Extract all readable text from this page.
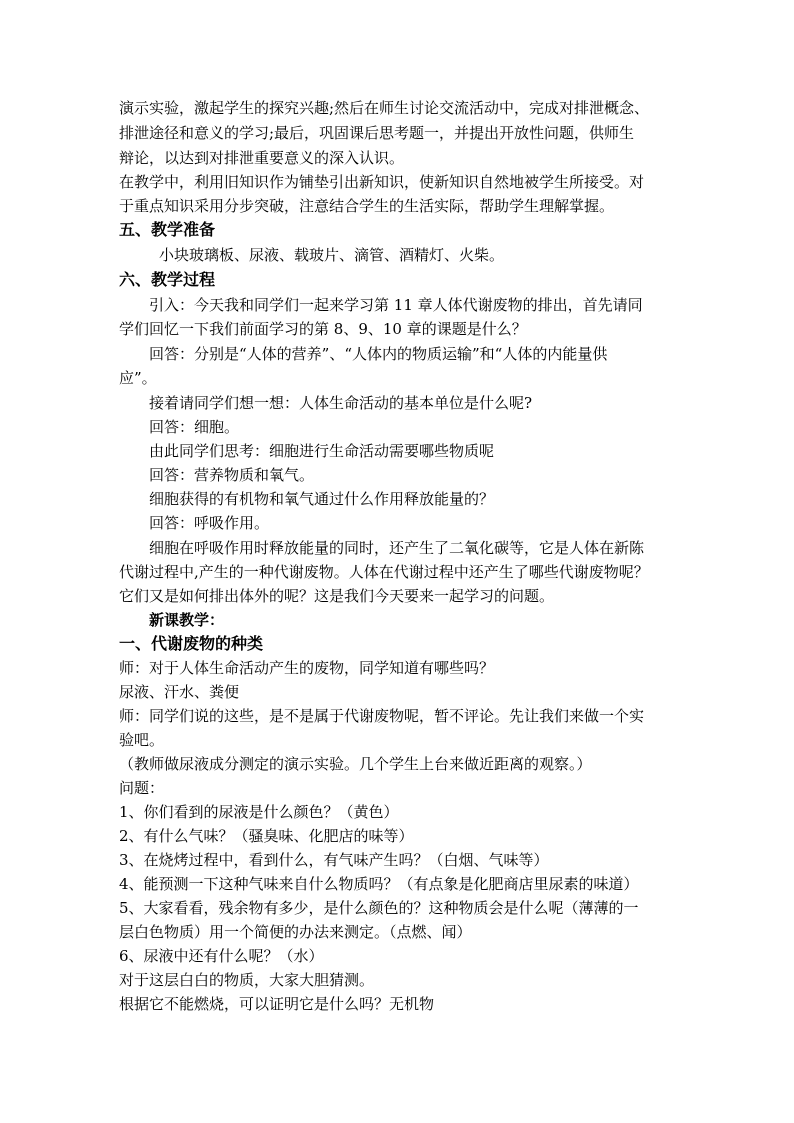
演示实验，激起学生的探究兴趣;然后在师生讨论交流活动中，完成对排泄概念、
排泄途径和意义的学习;最后，巩固课后思考题一，并提出开放性问题，供师生
辩论，以达到对排泄重要意义的深入认识。
在教学中，利用旧知识作为铺垫引出新知识，使新知识自然地被学生所接受。对
于重点知识采用分步突破，注意结合学生的生活实际，帮助学生理解掌握。
五、教学准备
小块玻璃板、尿液、载玻片、滴管、酒精灯、火柴。
六、教学过程
引入：今天我和同学们一起来学习第 11 章人体代谢废物的排出，首先请同
学们回忆一下我们前面学习的第 8、9、10 章的课题是什么？
回答：分别是“人体的营养”、“人体内的物质运输”和“人体的内能量供
应”。
接着请同学们想一想：人体生命活动的基本单位是什么呢?
回答：细胞。
由此同学们思考：细胞进行生命活动需要哪些物质呢
回答：营养物质和氧气。
细胞获得的有机物和氧气通过什么作用释放能量的？
回答：呼吸作用。
细胞在呼吸作用时释放能量的同时，还产生了二氧化碳等，它是人体在新陈
代谢过程中,产生的一种代谢废物。人体在代谢过程中还产生了哪些代谢废物呢？
它们又是如何排出体外的呢？这是我们今天要来一起学习的问题。
新课教学：
一、代谢废物的种类
师：对于人体生命活动产生的废物，同学知道有哪些吗？
尿液、汗水、粪便
师：同学们说的这些，是不是属于代谢废物呢，暂不评论。先让我们来做一个实
验吧。
（教师做尿液成分测定的演示实验。几个学生上台来做近距离的观察。）
问题：
1、你们看到的尿液是什么颜色？（黄色）
2、有什么气味？（骚臭味、化肥店的味等）
3、在烧烤过程中，看到什么，有气味产生吗？（白烟、气味等）
4、能预测一下这种气味来自什么物质吗？（有点象是化肥商店里尿素的味道）
5、大家看看，残余物有多少，是什么颜色的？这种物质会是什么呢（薄薄的一
层白色物质）用一个简便的办法来测定。（点燃、闻）
6、尿液中还有什么呢？（水）
对于这层白白的物质，大家大胆猜测。
根据它不能燃烧，可以证明它是什么吗？无机物
